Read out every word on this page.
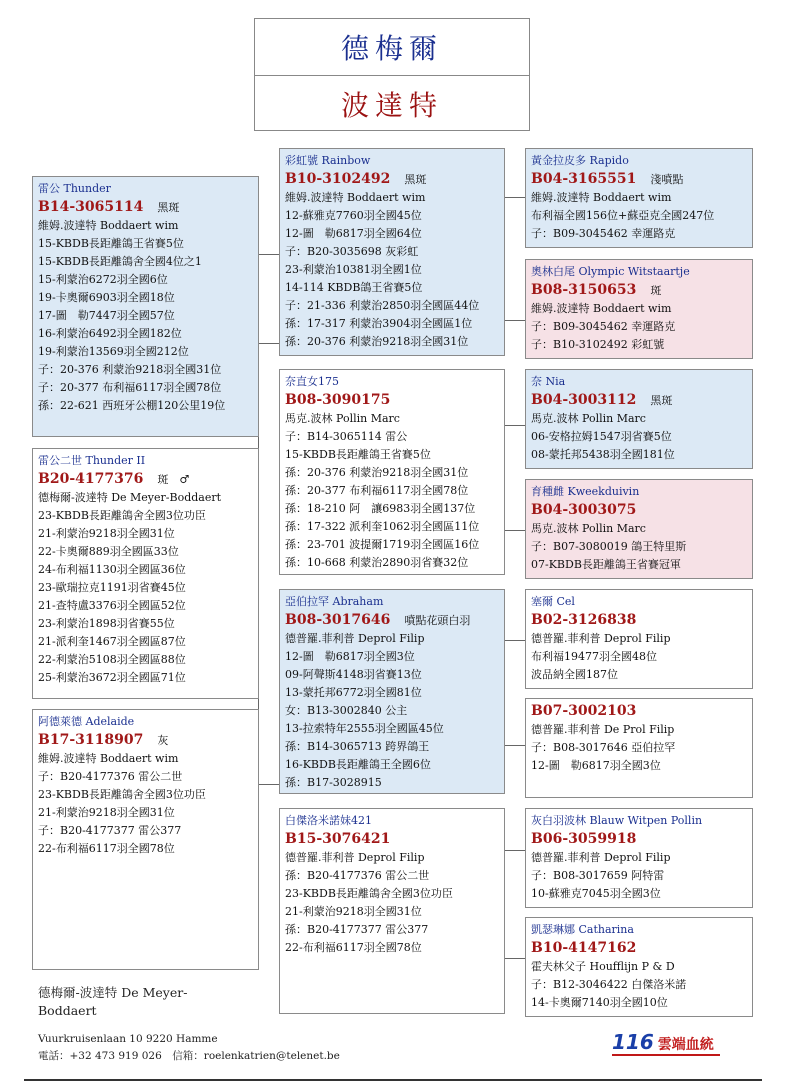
德梅爾
波達特
雷公 Thunder
B14-3065114 黑斑
維姆.波達特 Boddaert wim
15-KBDB長距離鴿王省賽5位
15-KBDB長距離鴿舍全國4位之1
15-利蒙治6272羽全國6位
19-卡奧爾6903羽全國18位
17-圖　勒7447羽全國57位
16-利蒙治6492羽全國182位
19-利蒙治13569羽全國212位
子：20-376 利蒙治9218羽全國31位
子：20-377 布利福6117羽全國78位
孫：22-621 西班牙公棚120公里19位
雷公二世 Thunder II
B20-4177376 斑　♂
德梅爾-波達特 De Meyer-Boddaert
23-KBDB長距離鴿舍全國3位功臣
21-利蒙治9218羽全國31位
22-卡奧爾889羽全國區33位
24-布利福1130羽全國區36位
23-歐瑞拉克1191羽省賽45位
21-查特盧3376羽全國區52位
23-利蒙治1898羽省賽55位
21-派利奎1467羽全國區87位
22-利蒙治5108羽全國區88位
25-利蒙治3672羽全國區71位
阿德萊德 Adelaide
B17-3118907 灰
維姆.波達特 Boddaert wim
子：B20-4177376 雷公二世
23-KBDB長距離鴿舍全國3位功臣
21-利蒙治9218羽全國31位
子：B20-4177377 雷公377
22-布利福6117羽全國78位
彩虹號 Rainbow
B10-3102492 黑斑
維姆.波達特 Boddaert wim
12-蘇雅克7760羽全國45位
12-圖　勒6817羽全國64位
子：B20-3035698 灰彩虹
23-利蒙治10381羽全國1位
14-114 KBDB鴿王省賽5位
子：21-336 利蒙治2850羽全國區44位
孫：17-317 利蒙治3904羽全國區1位
孫：20-376 利蒙治9218羽全國31位
奈直女175
B08-3090175
馬克.波林 Pollin Marc
子：B14-3065114 雷公
15-KBDB長距離鴿王省賽5位
孫：20-376 利蒙治9218羽全國31位
孫：20-377 布利福6117羽全國78位
孫：18-210 阿　讓6983羽全國137位
孫：17-322 派利奎1062羽全國區11位
孫：23-701 波提爾1719羽全國區16位
孫：10-668 利蒙治2890羽省賽32位
亞伯拉罕 Abraham
B08-3017646 噴點花頭白羽
德普羅.菲利普 Deprol Filip
12-圖　勒6817羽全國3位
09-阿聲斯4148羽省賽13位
13-蒙托邦6772羽全國81位
女：B13-3002840 公主
13-拉索特年2555羽全國區45位
孫：B14-3065713 跨界鴿王
16-KBDB長距離鴿王全國6位
孫：B17-3028915
白傑洛米諾妹421
B15-3076421
德普羅.菲利普 Deprol Filip
孫：B20-4177376 雷公二世
23-KBDB長距離鴿舍全國3位功臣
21-利蒙治9218羽全國31位
孫：B20-4177377 雷公377
22-布利福6117羽全國78位
黃金拉皮多 Rapido
B04-3165551 淺噴點
維姆.波達特 Boddaert wim
布利福全國156位+蘇亞克全國247位
子：B09-3045462 幸運路克
奧林白尾 Olympic Witstaartje
B08-3150653 斑
維姆.波達特 Boddaert wim
子：B09-3045462 幸運路克
子：B10-3102492 彩虹號
奈 Nia
B04-3003112 黑斑
馬克.波林 Pollin Marc
06-安格拉姆1547羽省賽5位
08-蒙托邦5438羽全國181位
育種雌 Kweekduivin
B04-3003075
馬克.波林 Pollin Marc
子：B07-3080019 鴿王特里斯
07-KBDB長距離鴿王省賽冠軍
塞爾 Cel
B02-3126838
德普羅.菲利普 Deprol Filip
布利福19477羽全國48位
波品納全國187位
B07-3002103
德普羅.菲利普 De Prol Filip
子：B08-3017646 亞伯拉罕
12-圖　勒6817羽全國3位
灰白羽波林 Blauw Witpen Pollin
B06-3059918
德普羅.菲利普 Deprol Filip
子：B08-3017659 阿特雷
10-蘇雅克7045羽全國3位
凱瑟琳娜 Catharina
B10-4147162
霍夫林父子 Houfflijn P & D
子：B12-3046422 白傑洛米諾
14-卡奧爾7140羽全國10位
德梅爾-波達特 De Meyer-Boddaert
Vuurkruisenlaan 10 9220 Hamme
電話：+32 473 919 026　信箱：roelenkatrien@telenet.be
116 雲端血統
